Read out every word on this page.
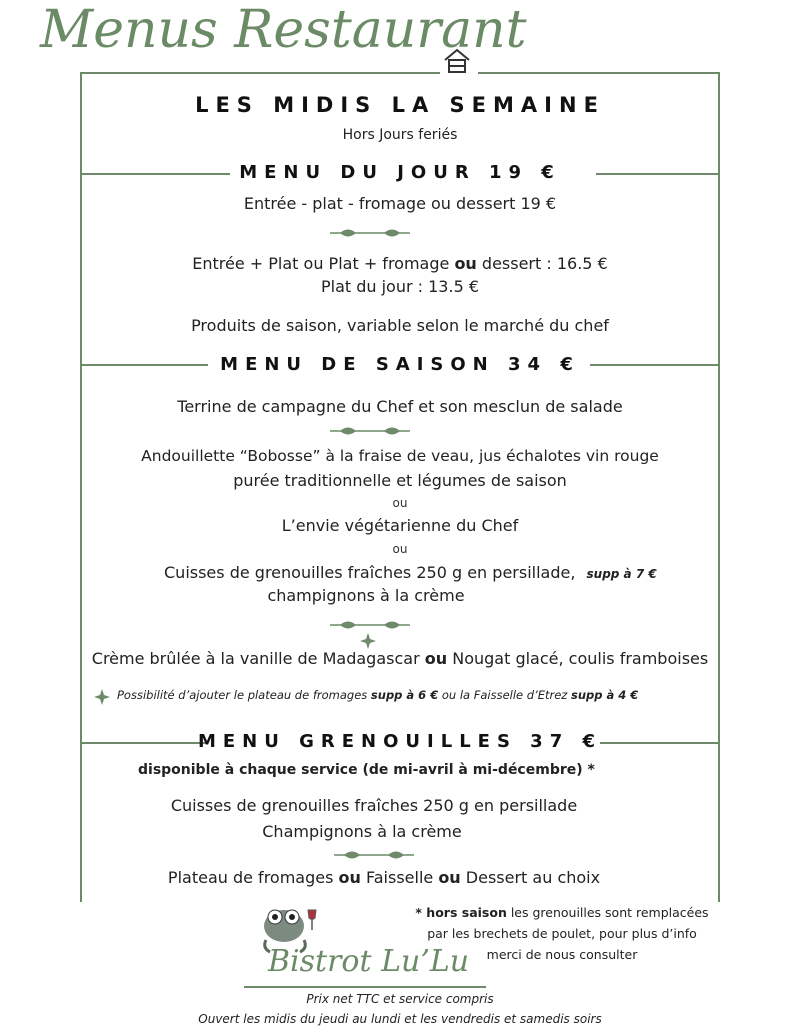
Menus Restaurant
LES MIDIS LA SEMAINE
Hors Jours feriés
MENU DU JOUR 19 €
Entrée - plat - fromage ou dessert 19 €
Entrée + Plat ou Plat + fromage ou dessert : 16.5 €
Plat du jour : 13.5 €
Produits de saison, variable selon le marché du chef
MENU DE SAISON 34 €
Terrine de campagne du Chef et son mesclun de salade
Andouillette “Bobosse” à la fraise de veau, jus échalotes vin rouge
purée traditionnelle et légumes de saison
ou
L’envie végétarienne du Chef
ou
Cuisses de grenouilles fraîches 250 g en persillade, supp à 7 €
champignons à la crème
Crème brûlée à la vanille de Madagascar ou Nougat glacé, coulis framboises
Possibilité d’ajouter le plateau de fromages supp à 6 € ou la Faisselle d’Etrez supp à 4 €
MENU GRENOUILLES 37 €
disponible à chaque service (de mi-avril à mi-décembre) *
Cuisses de grenouilles fraîches 250 g en persillade
Champignons à la crème
Plateau de fromages ou Faisselle ou Dessert au choix
* hors saison les grenouilles sont remplacées
par les brechets de poulet, pour plus d’info
merci de nous consulter
Bistrot Lu’Lu
Prix net TTC et service compris
Ouvert les midis du jeudi au lundi et les vendredis et samedis soirs
